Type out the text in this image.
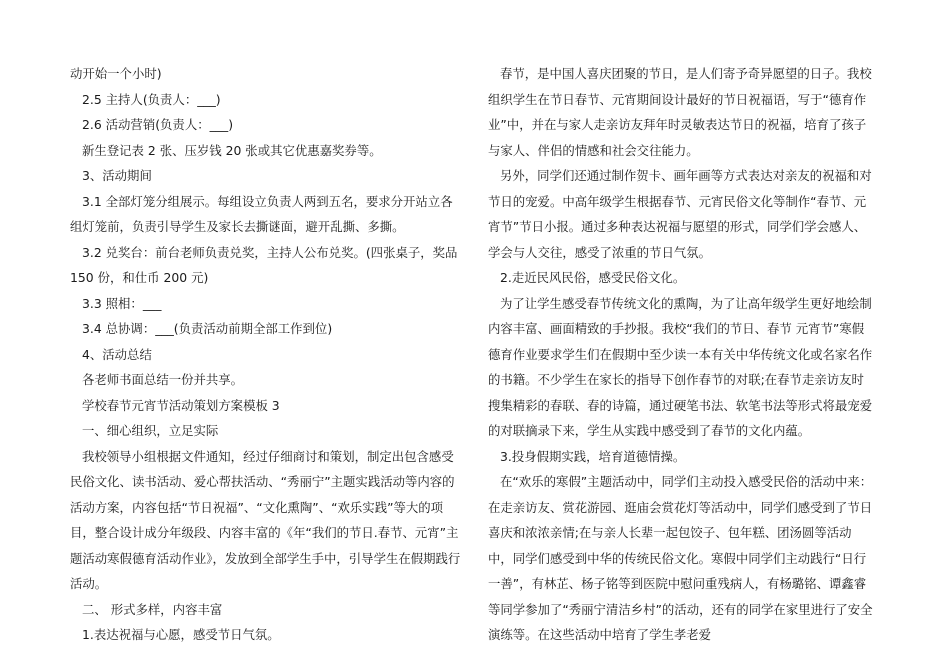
动开始一个小时)

2.5 主持人(负责人：___)

2.6 活动营销(负责人：___)

新生登记表 2 张、压岁钱 20 张或其它优惠嘉奖券等。

3、活动期间

3.1 全部灯笼分组展示。每组设立负责人两到五名，要求分开站立各组灯笼前，负责引导学生及家长去撕谜面，避开乱撕、多撕。

3.2 兑奖台：前台老师负责兑奖，主持人公布兑奖。(四张桌子，奖品 150 份，和仕币 200 元)

3.3 照相：___

3.4 总协调：___(负责活动前期全部工作到位)

4、活动总结

各老师书面总结一份并共享。

学校春节元宵节活动策划方案模板 3

一、细心组织，立足实际

我校领导小组根据文件通知，经过仔细商讨和策划，制定出包含感受民俗文化、读书活动、爱心帮扶活动、“秀丽宁”主题实践活动等内容的活动方案，内容包括“节日祝福”、“文化熏陶”、“欢乐实践”等大的项目，整合设计成分年级段、内容丰富的《年“我们的节日.春节、元宵”主题活动寒假德育活动作业》，发放到全部学生手中，引导学生在假期践行活动。

二、 形式多样，内容丰富

1.表达祝福与心愿，感受节日气氛。

春节，是中国人喜庆团聚的节日，是人们寄予奇异愿望的日子。我校组织学生在节日春节、元宵期间设计最好的节日祝福语，写于“德育作业”中，并在与家人走亲访友拜年时灵敏表达节日的祝福，培育了孩子与家人、伴侣的情感和社会交往能力。

另外，同学们还通过制作贺卡、画年画等方式表达对亲友的祝福和对节日的宠爱。中高年级学生根据春节、元宵民俗文化等制作“春节、元宵节”节日小报。通过多种表达祝福与愿望的形式，同学们学会感人、学会与人交往，感受了浓重的节日气氛。

2.走近民风民俗，感受民俗文化。

为了让学生感受春节传统文化的熏陶，为了让高年级学生更好地绘制内容丰富、画面精致的手抄报。我校“我们的节日、春节 元宵节”寒假德育作业要求学生们在假期中至少读一本有关中华传统文化或名家名作的书籍。不少学生在家长的指导下创作春节的对联;在春节走亲访友时搜集精彩的春联、春的诗篇，通过硬笔书法、软笔书法等形式将最宠爱的对联摘录下来，学生从实践中感受到了春节的文化内蕴。

3.投身假期实践，培育道德情操。

在“欢乐的寒假”主题活动中，同学们主动投入感受民俗的活动中来：在走亲访友、赏花游园、逛庙会赏花灯等活动中，同学们感受到了节日喜庆和浓浓亲情;在与亲人长辈一起包饺子、包年糕、团汤圆等活动中，同学们感受到中华的传统民俗文化。寒假中同学们主动践行“日行一善”，有林芷、杨子铭等到医院中慰问重残病人，有杨璐铭、谭鑫睿等同学参加了“秀丽宁清洁乡村”的活动，还有的同学在家里进行了安全演练等。在这些活动中培育了学生孝老爱
